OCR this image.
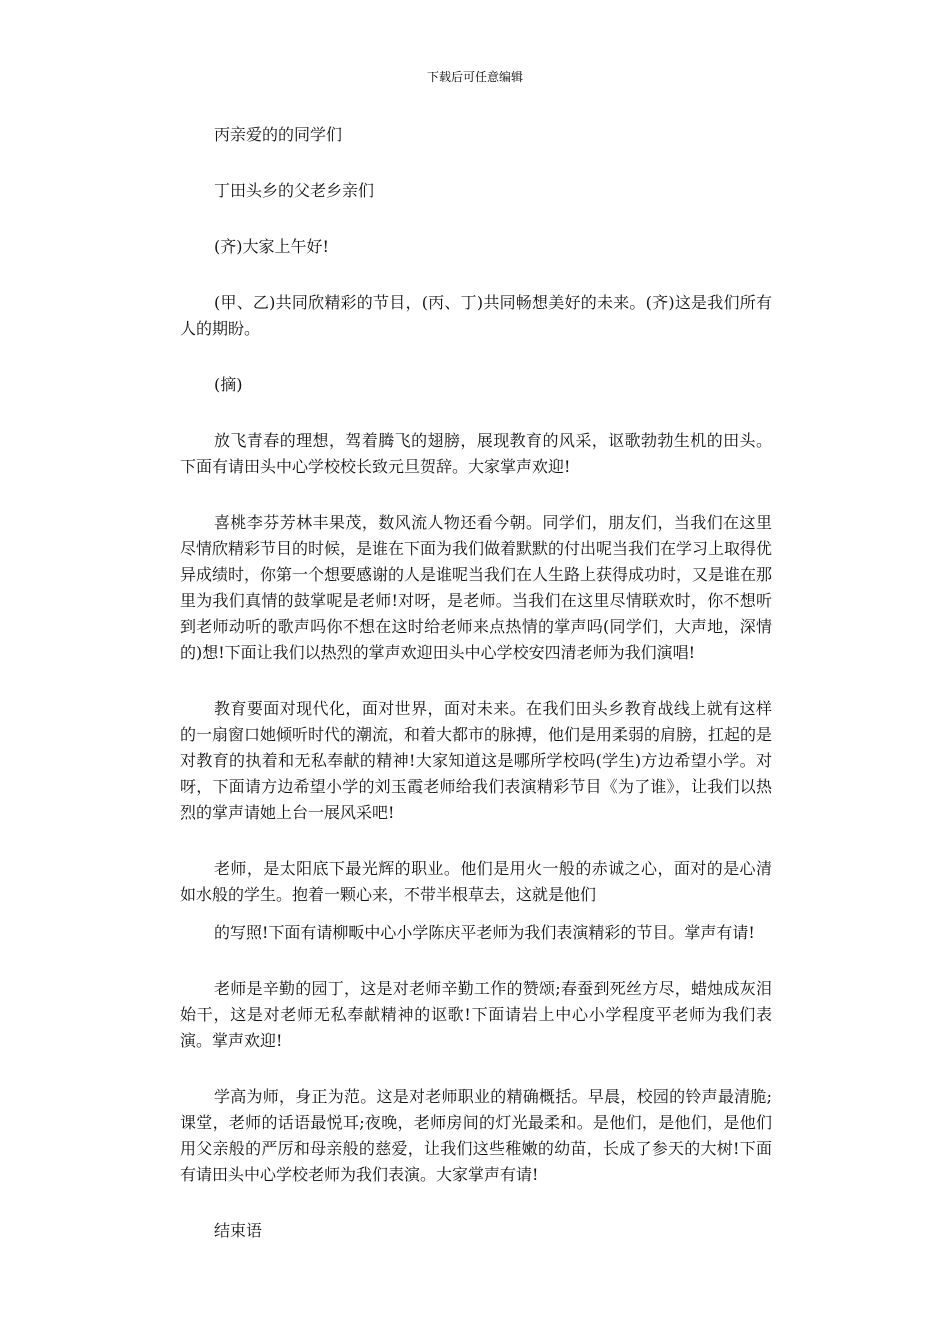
下载后可任意编辑

丙亲爱的的同学们

丁田头乡的父老乡亲们

(齐)大家上午好!

(甲、乙)共同欣精彩的节目，(丙、丁)共同畅想美好的未来。(齐)这是我们所有人的期盼。

(摘)

放飞青春的理想，驾着腾飞的翅膀，展现教育的风采，讴歌勃勃生机的田头。下面有请田头中心学校校长致元旦贺辞。大家掌声欢迎!

喜桃李芬芳林丰果茂，数风流人物还看今朝。同学们，朋友们，当我们在这里尽情欣精彩节目的时候，是谁在下面为我们做着默默的付出呢当我们在学习上取得优异成绩时，你第一个想要感谢的人是谁呢当我们在人生路上获得成功时，又是谁在那里为我们真情的鼓掌呢是老师!对呀，是老师。当我们在这里尽情联欢时，你不想听到老师动听的歌声吗你不想在这时给老师来点热情的掌声吗(同学们，大声地，深情的)想!下面让我们以热烈的掌声欢迎田头中心学校安四清老师为我们演唱!

教育要面对现代化，面对世界，面对未来。在我们田头乡教育战线上就有这样的一扇窗口她倾听时代的潮流，和着大都市的脉搏，他们是用柔弱的肩膀，扛起的是对教育的执着和无私奉献的精神!大家知道这是哪所学校吗(学生)方边希望小学。对呀，下面请方边希望小学的刘玉霞老师给我们表演精彩节目《为了谁》，让我们以热烈的掌声请她上台一展风采吧!

老师，是太阳底下最光辉的职业。他们是用火一般的赤诚之心，面对的是心清如水般的学生。抱着一颗心来，不带半根草去，这就是他们

的写照!下面有请柳畈中心小学陈庆平老师为我们表演精彩的节目。掌声有请!

老师是辛勤的园丁，这是对老师辛勤工作的赞颂;春蚕到死丝方尽，蜡烛成灰泪始干，这是对老师无私奉献精神的讴歌!下面请岩上中心小学程度平老师为我们表演。掌声欢迎!

学高为师，身正为范。这是对老师职业的精确概括。早晨，校园的铃声最清脆;课堂，老师的话语最悦耳;夜晚，老师房间的灯光最柔和。是他们，是他们，是他们用父亲般的严厉和母亲般的慈爱，让我们这些稚嫩的幼苗，长成了参天的大树!下面有请田头中心学校老师为我们表演。大家掌声有请!

结束语
